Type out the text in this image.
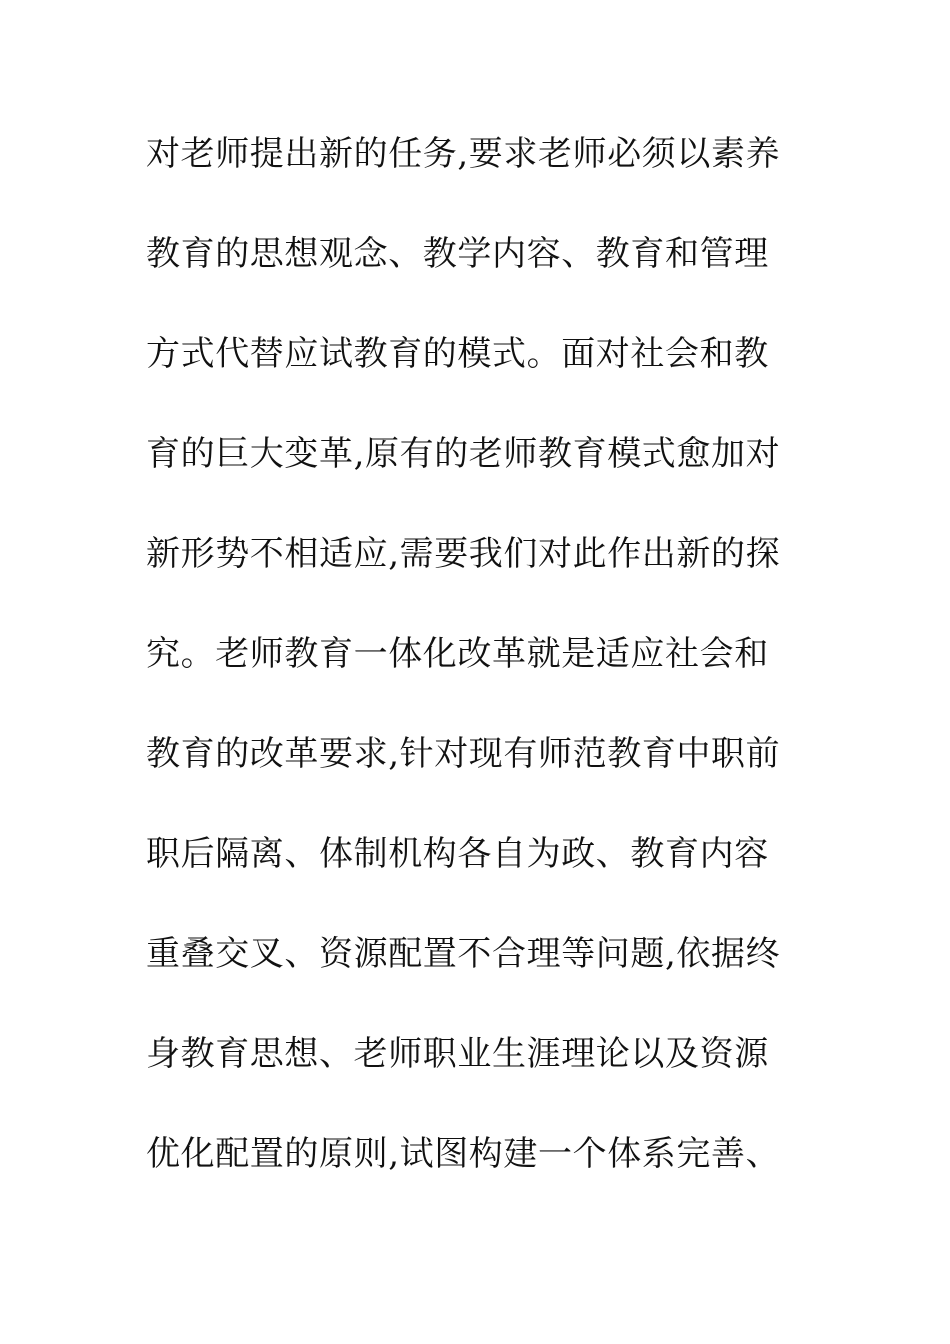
对老师提出新的任务,要求老师必须以素养
教育的思想观念、教学内容、教育和管理
方式代替应试教育的模式。面对社会和教
育的巨大变革,原有的老师教育模式愈加对
新形势不相适应,需要我们对此作出新的探
究。老师教育一体化改革就是适应社会和
教育的改革要求,针对现有师范教育中职前
职后隔离、体制机构各自为政、教育内容
重叠交叉、资源配置不合理等问题,依据终
身教育思想、老师职业生涯理论以及资源
优化配置的原则,试图构建一个体系完善、
